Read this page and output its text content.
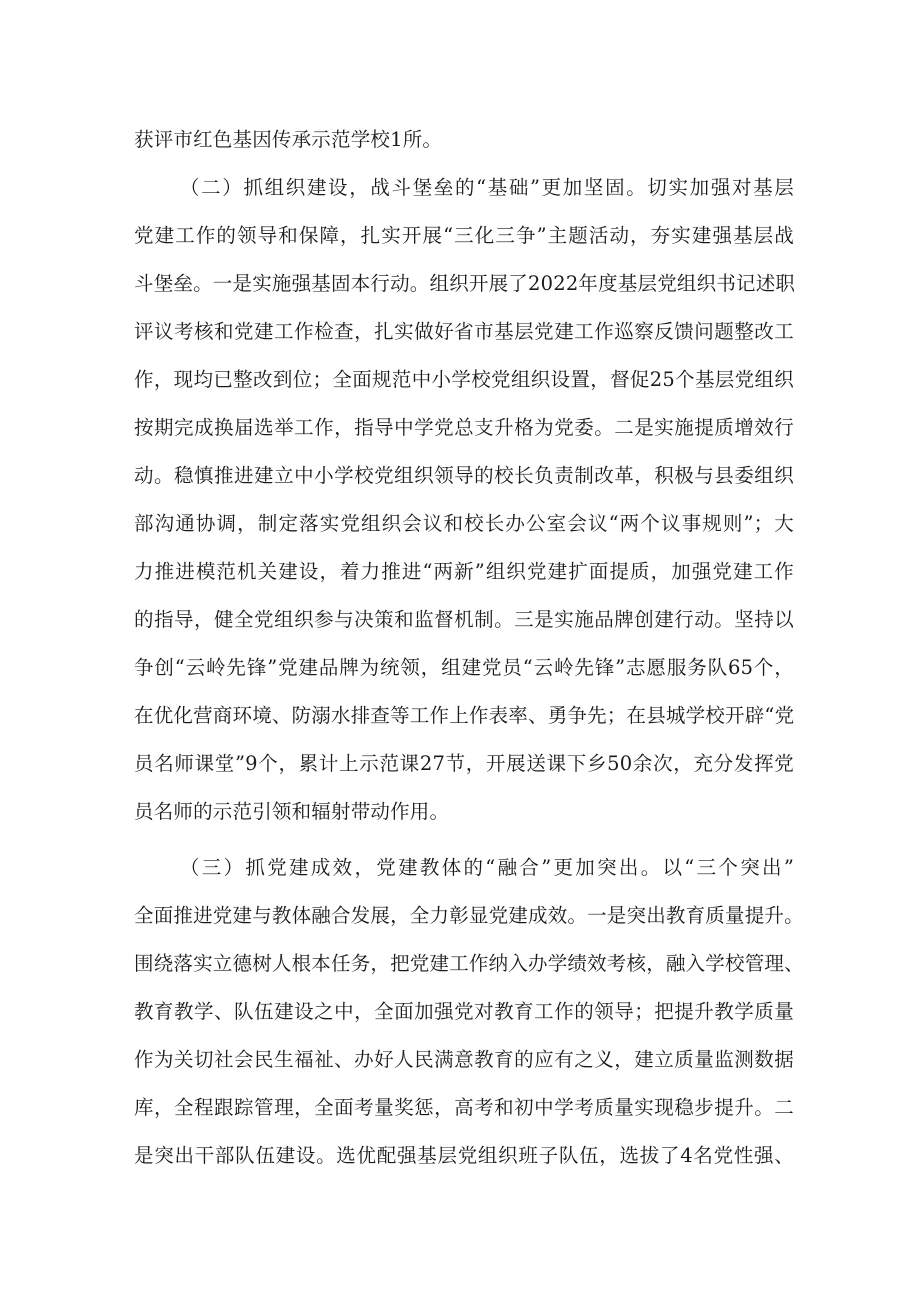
获评市红色基因传承示范学校1所。
（二）抓组织建设，战斗堡垒的“基础”更加坚固。切实加强对基层
党建工作的领导和保障，扎实开展“三化三争”主题活动，夯实建强基层战
斗堡垒。一是实施强基固本行动。组织开展了2022年度基层党组织书记述职
评议考核和党建工作检查，扎实做好省市基层党建工作巡察反馈问题整改工
作，现均已整改到位；全面规范中小学校党组织设置，督促25个基层党组织
按期完成换届选举工作，指导中学党总支升格为党委。二是实施提质增效行
动。稳慎推进建立中小学校党组织领导的校长负责制改革，积极与县委组织
部沟通协调，制定落实党组织会议和校长办公室会议“两个议事规则”；大
力推进模范机关建设，着力推进“两新”组织党建扩面提质，加强党建工作
的指导，健全党组织参与决策和监督机制。三是实施品牌创建行动。坚持以
争创“云岭先锋”党建品牌为统领，组建党员“云岭先锋”志愿服务队65个，
在优化营商环境、防溺水排查等工作上作表率、勇争先；在县城学校开辟“党
员名师课堂”9个，累计上示范课27节，开展送课下乡50余次，充分发挥党
员名师的示范引领和辐射带动作用。
（三）抓党建成效，党建教体的“融合”更加突出。以“三个突出”
全面推进党建与教体融合发展，全力彰显党建成效。一是突出教育质量提升。
围绕落实立德树人根本任务，把党建工作纳入办学绩效考核，融入学校管理、
教育教学、队伍建设之中，全面加强党对教育工作的领导；把提升教学质量
作为关切社会民生福祉、办好人民满意教育的应有之义，建立质量监测数据
库，全程跟踪管理，全面考量奖惩，高考和初中学考质量实现稳步提升。二
是突出干部队伍建设。选优配强基层党组织班子队伍，选拔了4名党性强、
